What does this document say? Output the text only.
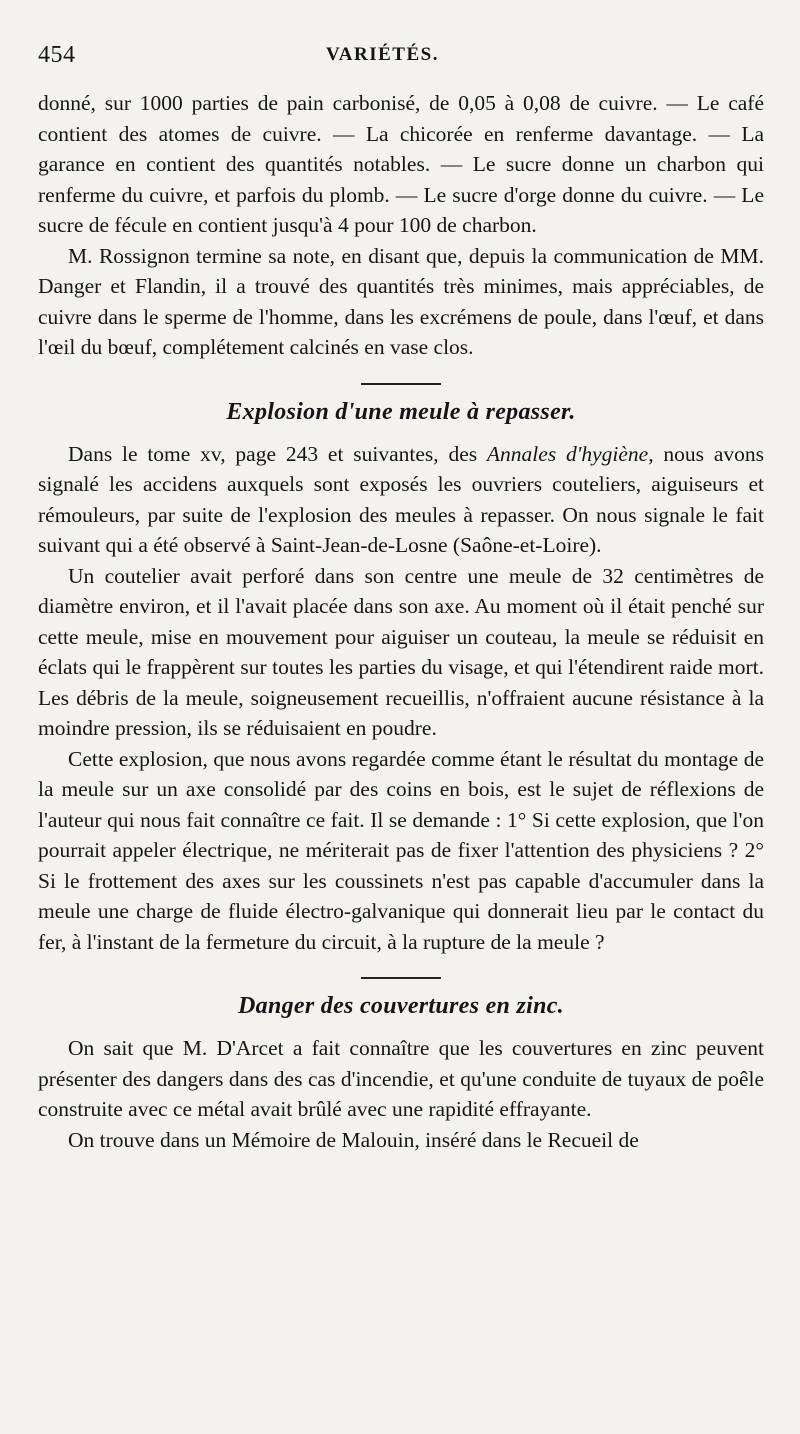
454	VARIÉTÉS.

donné, sur 1000 parties de pain carbonisé, de 0,05 à 0,08 de cuivre. — Le café contient des atomes de cuivre. — La chicorée en renferme davantage. — La garance en contient des quantités notables. — Le sucre donne un charbon qui renferme du cuivre, et parfois du plomb. — Le sucre d'orge donne du cuivre. — Le sucre de fécule en contient jusqu'à 4 pour 100 de charbon.

M. Rossignon termine sa note, en disant que, depuis la communication de MM. Danger et Flandin, il a trouvé des quantités très minimes, mais appréciables, de cuivre dans le sperme de l'homme, dans les excrémens de poule, dans l'œuf, et dans l'œil du bœuf, complétement calcinés en vase clos.

Explosion d'une meule à repasser.

Dans le tome xv, page 243 et suivantes, des Annales d'hygiène, nous avons signalé les accidens auxquels sont exposés les ouvriers couteliers, aiguiseurs et rémouleurs, par suite de l'explosion des meules à repasser. On nous signale le fait suivant qui a été observé à Saint-Jean-de-Losne (Saône-et-Loire).

Un coutelier avait perforé dans son centre une meule de 32 centimètres de diamètre environ, et il l'avait placée dans son axe. Au moment où il était penché sur cette meule, mise en mouvement pour aiguiser un couteau, la meule se réduisit en éclats qui le frappèrent sur toutes les parties du visage, et qui l'étendirent raide mort. Les débris de la meule, soigneusement recueillis, n'offraient aucune résistance à la moindre pression, ils se réduisaient en poudre.

Cette explosion, que nous avons regardée comme étant le résultat du montage de la meule sur un axe consolidé par des coins en bois, est le sujet de réflexions de l'auteur qui nous fait connaître ce fait. Il se demande : 1° Si cette explosion, que l'on pourrait appeler électrique, ne mériterait pas de fixer l'attention des physiciens ? 2° Si le frottement des axes sur les coussinets n'est pas capable d'accumuler dans la meule une charge de fluide électro-galvanique qui donnerait lieu par le contact du fer, à l'instant de la fermeture du circuit, à la rupture de la meule ?

Danger des couvertures en zinc.

On sait que M. D'Arcet a fait connaître que les couvertures en zinc peuvent présenter des dangers dans des cas d'incendie, et qu'une conduite de tuyaux de poêle construite avec ce métal avait brûlé avec une rapidité effrayante.

On trouve dans un Mémoire de Malouin, inséré dans le Recueil de
